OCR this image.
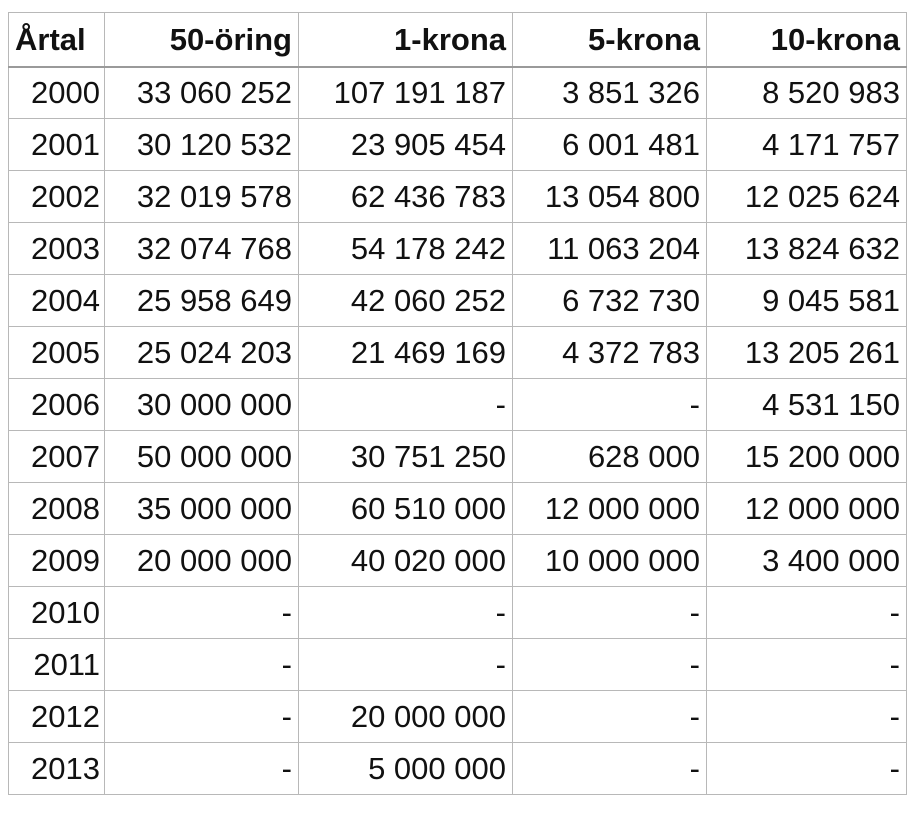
Årtal	50-öring	1-krona	5-krona	10-krona
2000	33 060 252	107 191 187	3 851 326	8 520 983
2001	30 120 532	23 905 454	6 001 481	4 171 757
2002	32 019 578	62 436 783	13 054 800	12 025 624
2003	32 074 768	54 178 242	11 063 204	13 824 632
2004	25 958 649	42 060 252	6 732 730	9 045 581
2005	25 024 203	21 469 169	4 372 783	13 205 261
2006	30 000 000	-	-	4 531 150
2007	50 000 000	30 751 250	628 000	15 200 000
2008	35 000 000	60 510 000	12 000 000	12 000 000
2009	20 000 000	40 020 000	10 000 000	3 400 000
2010	-	-	-	-
2011	-	-	-	-
2012	-	20 000 000	-	-
2013	-	5 000 000	-	-
